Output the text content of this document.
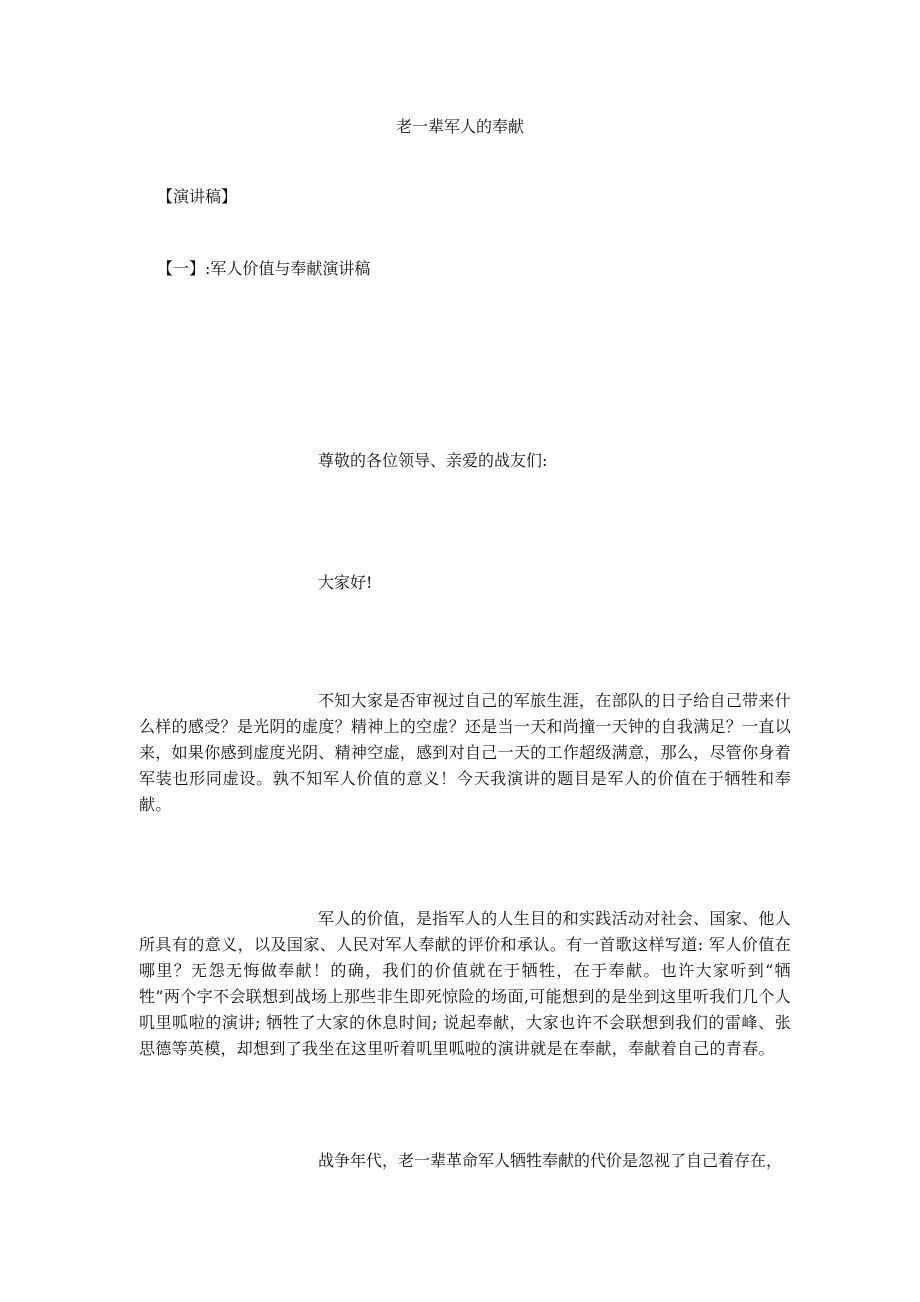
老一辈军人的奉献
【演讲稿】
【一】:军人价值与奉献演讲稿
尊敬的各位领导、亲爱的战友们:
大家好!
不知大家是否审视过自己的军旅生涯，在部队的日子给自己带来什么样的感受？是光阴的虚度？精神上的空虚？还是当一天和尚撞一天钟的自我满足？一直以来，如果你感到虚度光阴、精神空虚，感到对自己一天的工作超级满意，那么，尽管你身着军装也形同虚设。孰不知军人价值的意义！今天我演讲的题目是军人的价值在于牺牲和奉献。
军人的价值，是指军人的人生目的和实践活动对社会、国家、他人所具有的意义，以及国家、人民对军人奉献的评价和承认。有一首歌这样写道: 军人价值在哪里？无怨无悔做奉献！的确，我们的价值就在于牺牲，在于奉献。也许大家听到“牺牲”两个字不会联想到战场上那些非生即死惊险的场面,可能想到的是坐到这里听我们几个人叽里呱啦的演讲; 牺牲了大家的休息时间; 说起奉献，大家也许不会联想到我们的雷峰、张思德等英模，却想到了我坐在这里听着叽里呱啦的演讲就是在奉献，奉献着自己的青春。
战争年代，老一辈革命军人牺牲奉献的代价是忽视了自己着存在，
